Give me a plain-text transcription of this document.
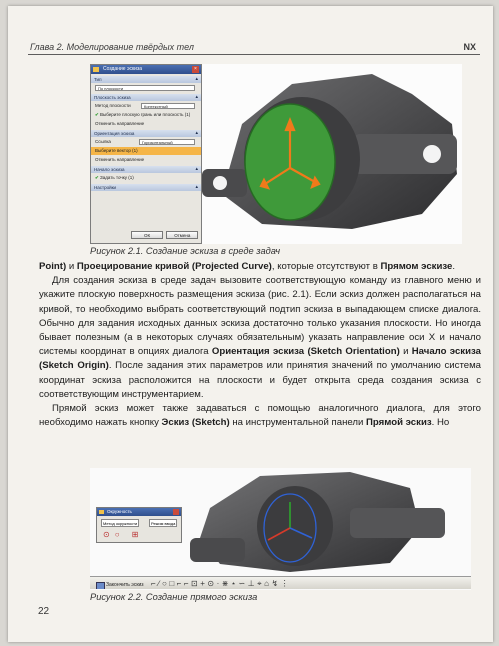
Глава 2. Моделирование твёрдых тел	NX
Создание эскиза	×
Тип ▴
По плоскости
Плоскость эскиза ▴
Метод плоскости	Контекстный
✔ Выберите плоскую грань или плоскость (1)
Отменить направление
Ориентация эскиза ▴
Ссылка	Горизонтальный
Выберите вектор (1)
Отменить направление
Начало эскиза ▴
✔ Задать точку (1)
Настройки ▴
ОК	Отмена
Рисунок 2.1. Создание эскиза в среде задач

Point) и Проецирование кривой (Projected Curve), которые отсутствуют в Прямом эскизе.

Для создания эскиза в среде задач вызовите соответствующую команду из главного меню и укажите плоскую поверхность размещения эскиза (рис. 2.1). Если эскиз должен располагаться на кривой, то необходимо выбрать соответствующий подтип эскиза в выпадающем списке диалога. Обычно для задания исходных данных эскиза достаточно только указания плоскости. Но иногда бывает полезным (а в некоторых случаях обязательным) указать направление оси X и начало системы координат в опциях диалога Ориентация эскиза (Sketch Orientation) и Начало эскиза (Sketch Origin). После задания этих параметров или принятия значений по умолчанию система координат эскиза расположится на плоскости и будет открыта среда создания эскиза с соответствующим инструментарием.

Прямой эскиз может также задаваться с помощью аналогичного диалога, для этого необходимо нажать кнопку Эскиз (Sketch) на инструментальной панели Прямой эскиз. Но

Окружность
Метод окружности	Режим ввода
⊙○ ⊞
Закончить эскиз ⌐∕○□⌐⌐⊡+⊙·⋇⋆∽⊥⌖⌂↯⋮
Рисунок 2.2. Создание прямого эскиза
22
